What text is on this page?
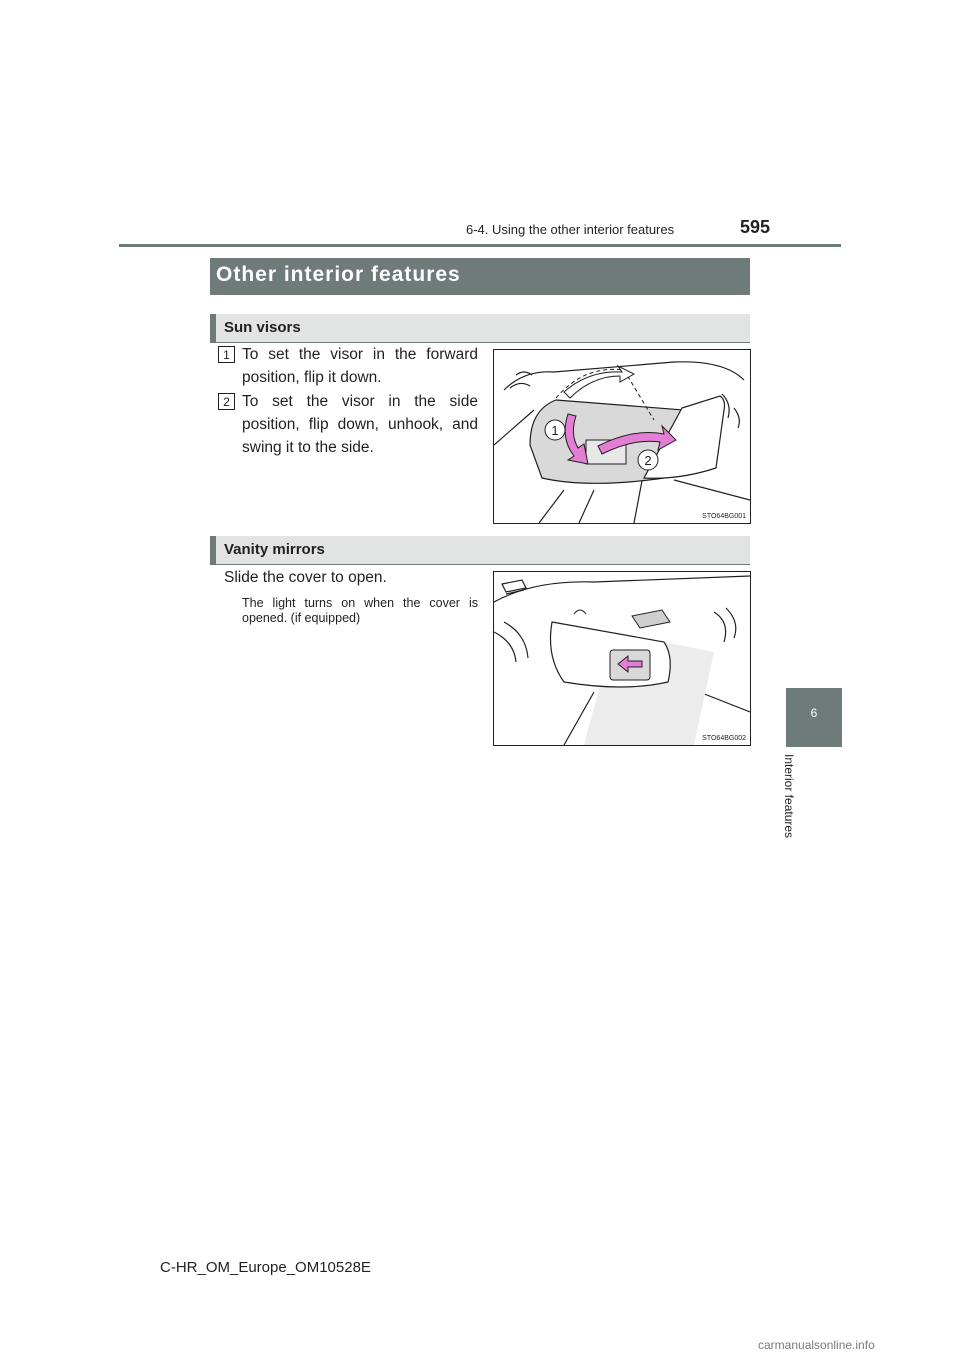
6-4. Using the other interior features	595
6
Interior features
Other interior features
Sun visors
1 To set the visor in the forward position, flip it down.
2 To set the visor in the side position, flip down, unhook, and swing it to the side.
1
2
STO64BG001
Vanity mirrors
Slide the cover to open.
The light turns on when the cover is opened. (if equipped)
STO64BG002
C-HR_OM_Europe_OM10528E
carmanualsonline.info
